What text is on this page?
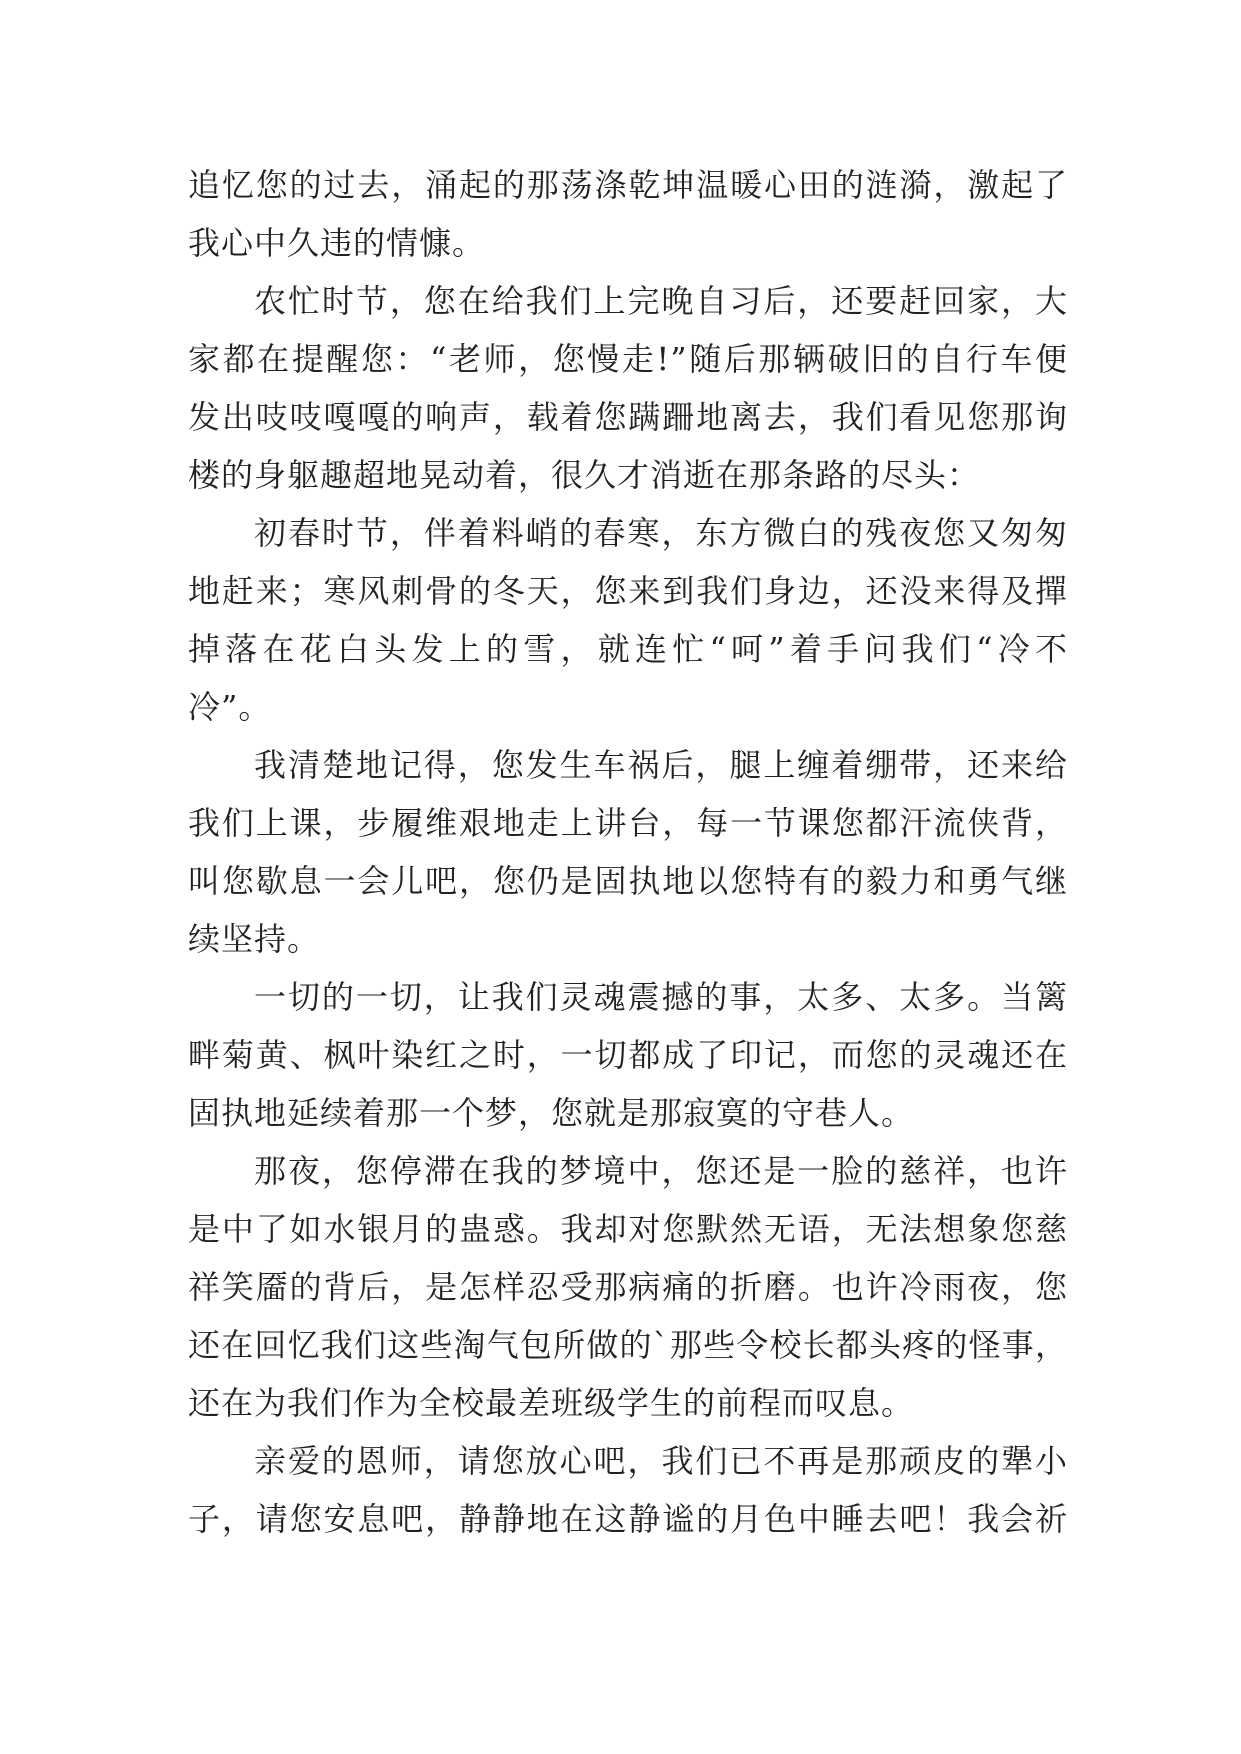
追忆您的过去，涌起的那荡涤乾坤温暖心田的涟漪，激起了
我心中久违的情慷。
农忙时节，您在给我们上完晚自习后，还要赶回家，大
家都在提醒您：“老师，您慢走!”随后那辆破旧的自行车便
发出吱吱嘎嘎的响声，载着您蹒跚地离去，我们看见您那询
楼的身躯趣超地晃动着，很久才消逝在那条路的尽头：
初春时节，伴着料峭的春寒，东方微白的残夜您又匆匆
地赶来；寒风刺骨的冬天，您来到我们身边，还没来得及撣
掉落在花白头发上的雪，就连忙“呵”着手问我们“冷不
冷”。
我清楚地记得，您发生车祸后，腿上缠着绷带，还来给
我们上课，步履维艰地走上讲台，每一节课您都汗流侠背，
叫您歇息一会儿吧，您仍是固执地以您特有的毅力和勇气继
续坚持。
一切的一切，让我们灵魂震撼的事，太多、太多。当篱
畔菊黄、枫叶染红之时，一切都成了印记，而您的灵魂还在
固执地延续着那一个梦，您就是那寂寞的守巷人。
那夜，您停滞在我的梦境中，您还是一脸的慈祥，也许
是中了如水银月的蛊惑。我却对您默然无语，无法想象您慈
祥笑靥的背后，是怎样忍受那病痛的折磨。也许冷雨夜，您
还在回忆我们这些淘气包所做的`那些令校长都头疼的怪事，
还在为我们作为全校最差班级学生的前程而叹息。
亲爱的恩师，请您放心吧，我们已不再是那顽皮的犟小
子，请您安息吧，静静地在这静谧的月色中睡去吧！我会祈
